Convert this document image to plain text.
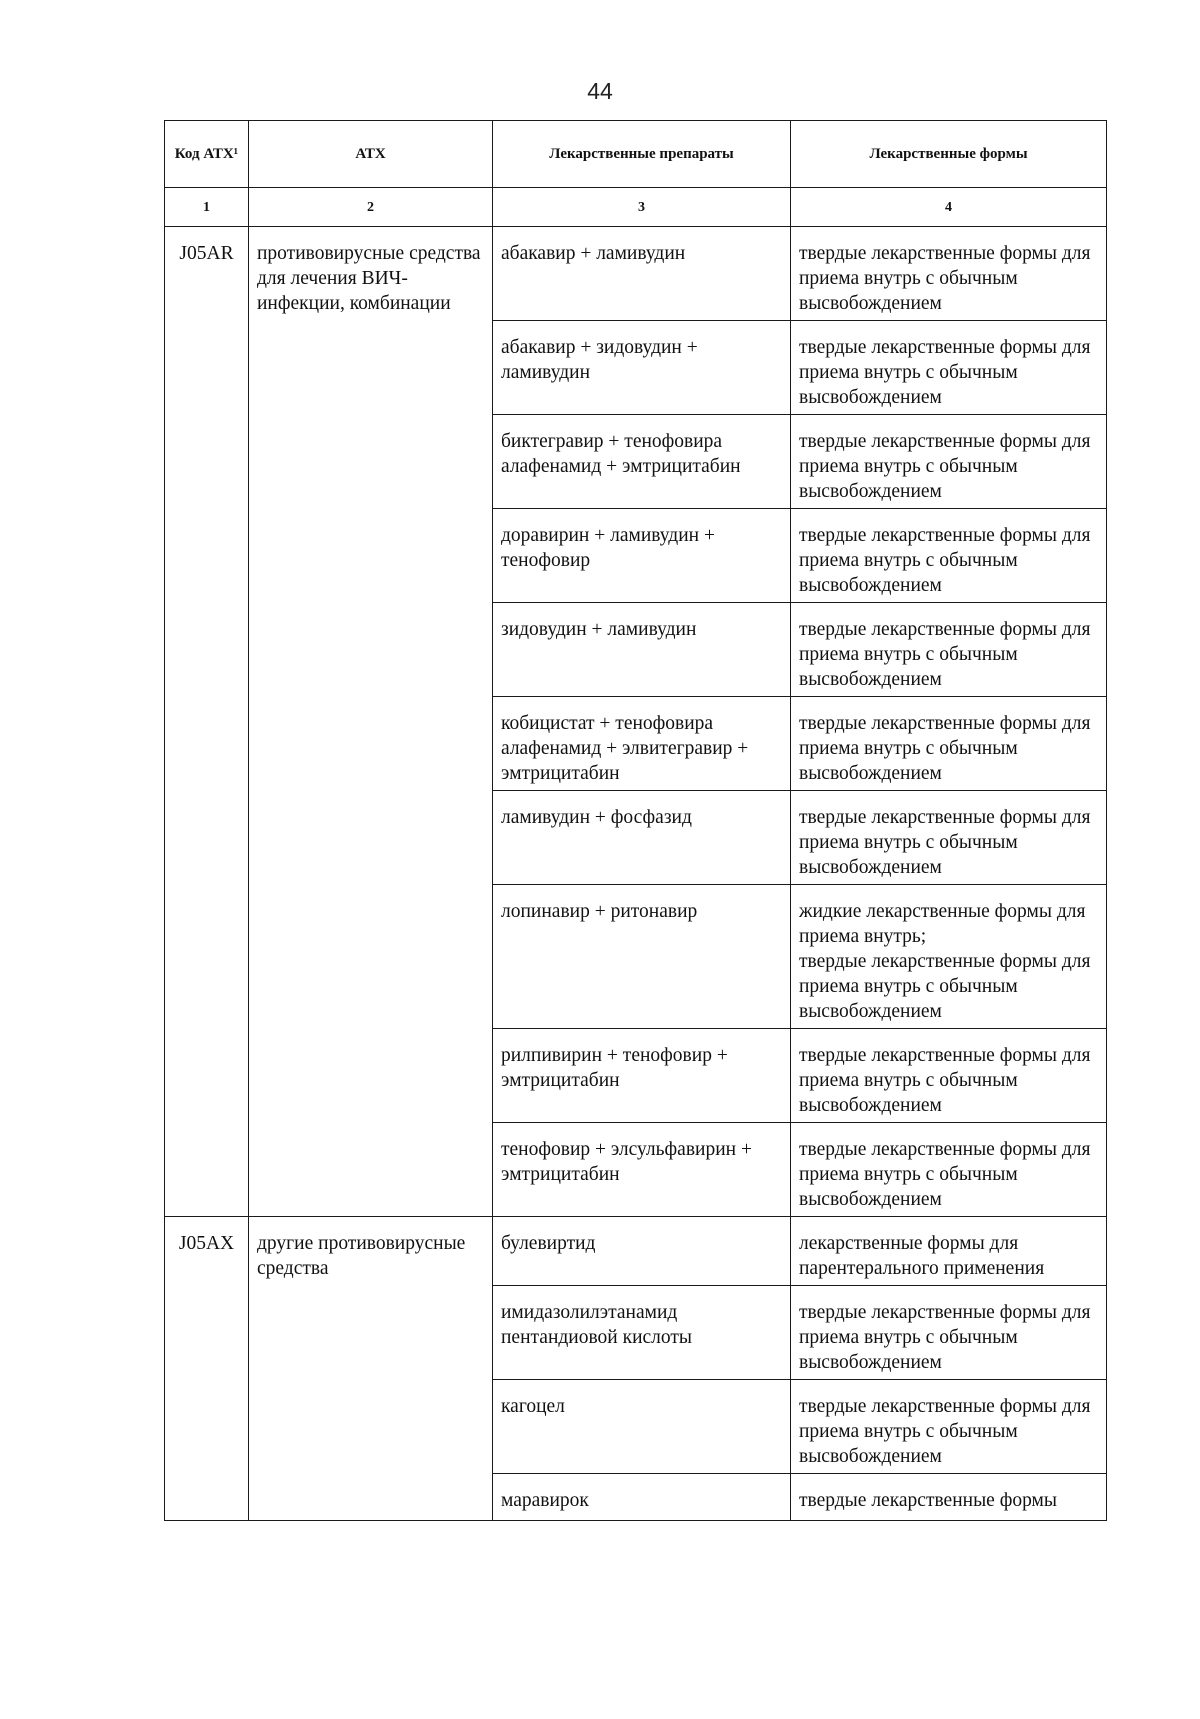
44
Код АТХ¹	АТХ	Лекарственные препараты	Лекарственные формы
1	2	3	4
J05AR	противовирусные средства для лечения ВИЧ-инфекции, комбинации	абакавир + ламивудин	твердые лекарственные формы для приема внутрь с обычным высвобождением

		абакавир + зидовудин + ламивудин	твердые лекарственные формы для приема внутрь с обычным высвобождением

		биктегравир + тенофовира алафенамид + эмтрицитабин	твердые лекарственные формы для приема внутрь с обычным высвобождением

		доравирин + ламивудин + тенофовир	твердые лекарственные формы для приема внутрь с обычным высвобождением

		зидовудин + ламивудин	твердые лекарственные формы для приема внутрь с обычным высвобождением

		кобицистат + тенофовира алафенамид + элвитегравир + эмтрицитабин	твердые лекарственные формы для приема внутрь с обычным высвобождением

		ламивудин + фосфазид	твердые лекарственные формы для приема внутрь с обычным высвобождением

		лопинавир + ритонавир	жидкие лекарственные формы для приема внутрь;
твердые лекарственные формы для приема внутрь с обычным высвобождением

		рилпивирин + тенофовир + эмтрицитабин	твердые лекарственные формы для приема внутрь с обычным высвобождением

		тенофовир + элсульфавирин + эмтрицитабин	твердые лекарственные формы для приема внутрь с обычным высвобождением

J05AX	другие противовирусные средства	булевиртид	лекарственные формы для парентерального применения

		имидазолилэтанамид пентандиовой кислоты	твердые лекарственные формы для приема внутрь с обычным высвобождением

		кагоцел	твердые лекарственные формы для приема внутрь с обычным высвобождением

		маравирок	твердые лекарственные формы
